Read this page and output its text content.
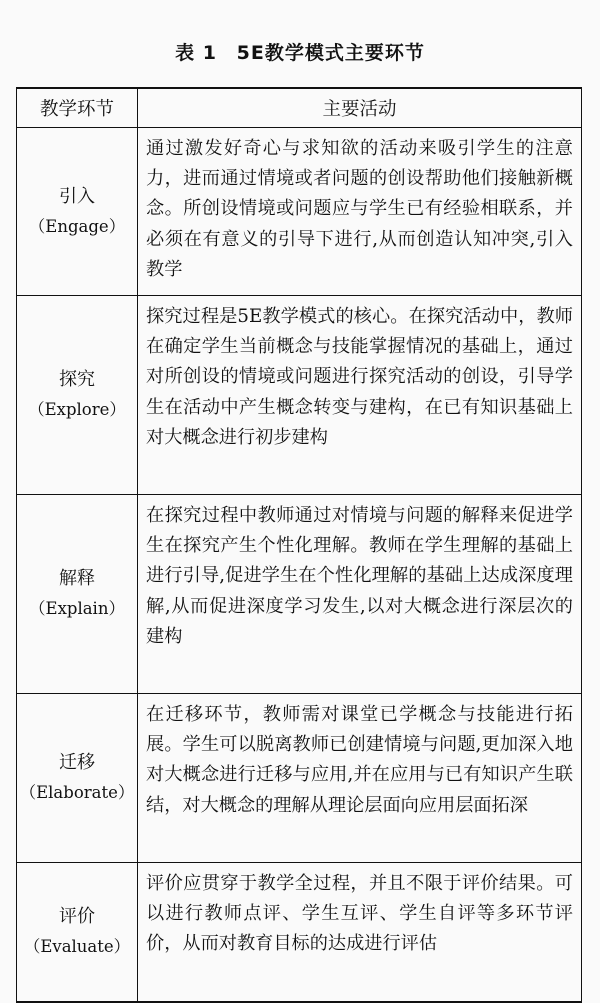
表 1 5E教学模式主要环节
教学环节	主要活动

引入
（Engage）	通过激发好奇心与求知欲的活动来吸引学生的注意力，进而通过情境或者问题的创设帮助他们接触新概念。所创设情境或问题应与学生已有经验相联系，并必须在有意义的引导下进行,从而创造认知冲突,引入教学

探究
（Explore）	探究过程是5E教学模式的核心。在探究活动中，教师在确定学生当前概念与技能掌握情况的基础上，通过对所创设的情境或问题进行探究活动的创设，引导学生在活动中产生概念转变与建构，在已有知识基础上对大概念进行初步建构

解释
（Explain）	在探究过程中教师通过对情境与问题的解释来促进学生在探究产生个性化理解。教师在学生理解的基础上进行引导,促进学生在个性化理解的基础上达成深度理解,从而促进深度学习发生,以对大概念进行深层次的建构

迁移
（Elaborate）	在迁移环节，教师需对课堂已学概念与技能进行拓展。学生可以脱离教师已创建情境与问题,更加深入地对大概念进行迁移与应用,并在应用与已有知识产生联结，对大概念的理解从理论层面向应用层面拓深

评价
（Evaluate）	评价应贯穿于教学全过程，并且不限于评价结果。可以进行教师点评、学生互评、学生自评等多环节评价，从而对教育目标的达成进行评估
